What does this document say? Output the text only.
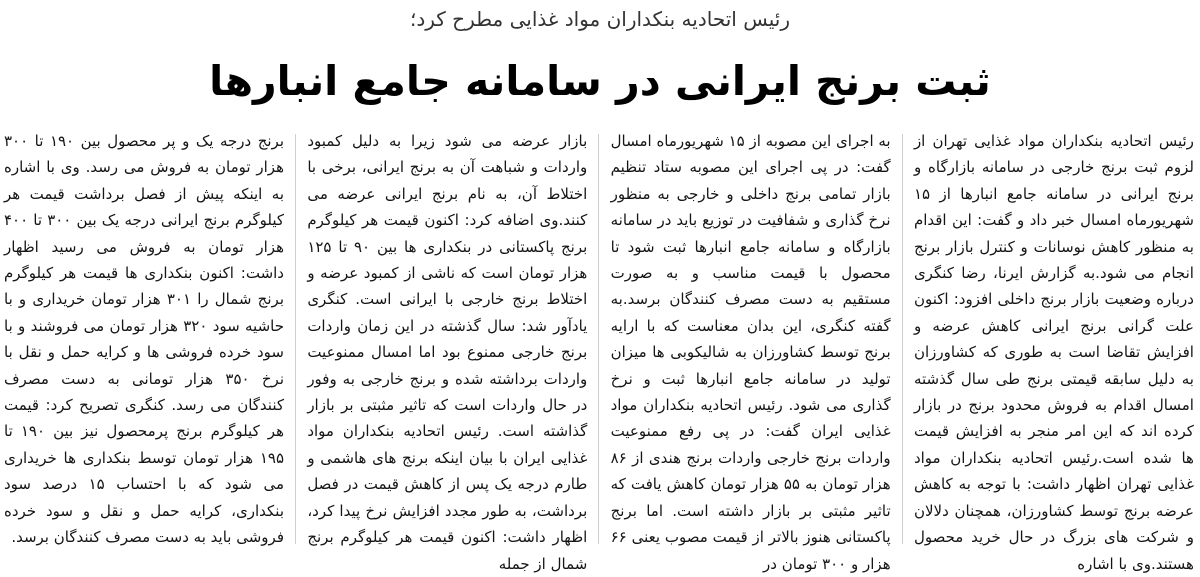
رئیس اتحادیه بنکداران مواد غذایی مطرح کرد؛
ثبت برنج ایرانی در سامانه جامع انبارها

رئیس اتحادیه بنکداران مواد غذایی تهران از لزوم ثبت برنج خارجی در سامانه بازارگاه و برنج ایرانی در سامانه جامع انبارها از ۱۵ شهریورماه امسال خبر داد و گفت: این اقدام به منظور کاهش نوسانات و کنترل بازار برنج انجام می شود.به گزارش ایرنا، رضا کنگری درباره وضعیت بازار برنج داخلی افزود: اکنون علت گرانی برنج ایرانی کاهش عرضه و افزایش تقاضا است به طوری که کشاورزان به دلیل سابقه قیمتی برنج طی سال گذشته امسال اقدام به فروش محدود برنج در بازار کرده اند که این امر منجر به افزایش قیمت ها شده است.رئیس اتحادیه بنکداران مواد غذایی تهران اظهار داشت: با توجه به کاهش عرضه برنج توسط کشاورزان، همچنان دلالان و شرکت های بزرگ در حال خرید محصول هستند.وی با اشاره

به اجرای این مصوبه از ۱۵ شهریورماه امسال گفت: در پی اجرای این مصوبه ستاد تنظیم بازار تمامی برنج داخلی و خارجی به منظور نرخ گذاری و شفافیت در توزیع باید در سامانه بازارگاه و سامانه جامع انبارها ثبت شود تا محصول با قیمت مناسب و به صورت مستقیم به دست مصرف کنندگان برسد.به گفته کنگری، این بدان معناست که با ارایه برنج توسط کشاورزان به شالیکوبی ها میزان تولید در سامانه جامع انبارها ثبت و نرخ گذاری می شود. رئیس اتحادیه بنکداران مواد غذایی ایران گفت: در پی رفع ممنوعیت واردات برنج خارجی واردات برنج هندی از ۸۶ هزار تومان به ۵۵ هزار تومان کاهش یافت که تاثیر مثبتی بر بازار داشته است. اما برنج پاکستانی هنوز بالاتر از قیمت مصوب یعنی ۶۶ هزار و ۳۰۰ تومان در

بازار عرضه می شود زیرا به دلیل کمبود واردات و شباهت آن به برنج ایرانی، برخی با اختلاط آن، به نام برنج ایرانی عرضه می کنند.وی اضافه کرد: اکنون قیمت هر کیلوگرم برنج پاکستانی در بنکداری ها بین ۹۰ تا ۱۲۵ هزار تومان است که ناشی از کمبود عرضه و اختلاط برنج خارجی با ایرانی است. کنگری یادآور شد: سال گذشته در این زمان واردات برنج خارجی ممنوع بود اما امسال ممنوعیت واردات برداشته شده و برنج خارجی به وفور در حال واردات است که تاثیر مثبتی بر بازار گذاشته است. رئیس اتحادیه بنکداران مواد غذایی ایران با بیان اینکه برنج های هاشمی و طارم درجه یک پس از کاهش قیمت در فصل برداشت، به طور مجدد افزایش نرخ پیدا کرد، اظهار داشت: اکنون قیمت هر کیلوگرم برنج شمال از جمله

برنج درجه یک و پر محصول بین ۱۹۰ تا ۳۰۰ هزار تومان به فروش می رسد. وی با اشاره به اینکه پیش از فصل برداشت قیمت هر کیلوگرم برنج ایرانی درجه یک بین ۳۰۰ تا ۴۰۰ هزار تومان به فروش می رسید اظهار داشت: اکنون بنکداری ها قیمت هر کیلوگرم برنج شمال را ۳۰۱ هزار تومان خریداری و با حاشیه سود ۳۲۰ هزار تومان می فروشند و با سود خرده فروشی ها و کرایه حمل و نقل با نرخ ۳۵۰ هزار تومانی به دست مصرف کنندگان می رسد. کنگری تصریح کرد: قیمت هر کیلوگرم برنج پرمحصول نیز بین ۱۹۰ تا ۱۹۵ هزار تومان توسط بنکداری ها خریداری می شود که با احتساب ۱۵ درصد سود بنکداری، کرایه حمل و نقل و سود خرده فروشی باید به دست مصرف کنندگان برسد.
